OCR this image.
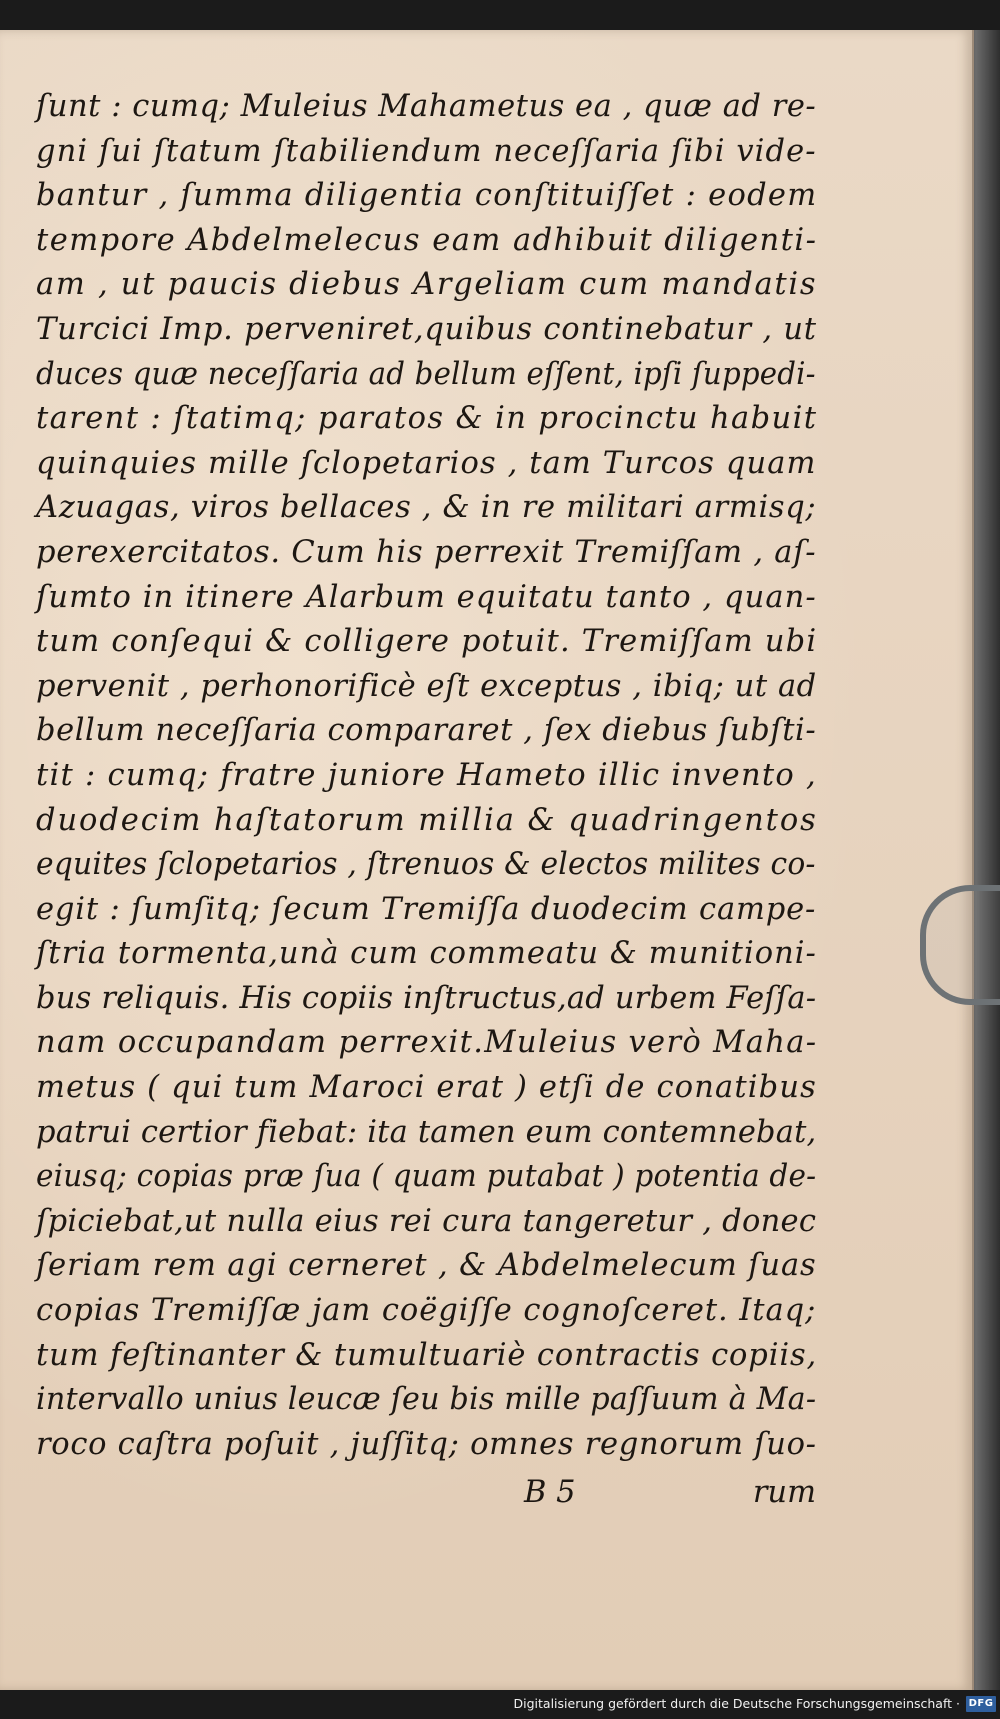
ſunt : cumq; Muleius Mahametus ea , quæ ad re-
gni ſui ſtatum ſtabiliendum neceſſaria ſibi vide-
bantur , ſumma diligentia conſtituiſſet : eodem
tempore Abdelmelecus eam adhibuit diligenti-
am , ut paucis diebus Argeliam cum mandatis
Turcici Imp. perveniret,quibus continebatur , ut
duces quæ neceſſaria ad bellum eſſent, ipſi ſuppedi-
tarent : ſtatimq; paratos & in procinctu habuit
quinquies mille ſclopetarios , tam Turcos quam
Azuagas, viros bellaces , & in re militari armisq;
perexercitatos. Cum his perrexit Tremiſſam , aſ-
ſumto in itinere Alarbum equitatu tanto , quan-
tum conſequi & colligere potuit. Tremiſſam ubi
pervenit , perhonorificè eſt exceptus , ibiq; ut ad
bellum neceſſaria compararet , ſex diebus ſubſti-
tit : cumq; fratre juniore Hameto illic invento ,
duodecim haſtatorum millia & quadringentos
equites ſclopetarios , ſtrenuos & electos milites co-
egit : ſumſitq; ſecum Tremiſſa duodecim campe-
ſtria tormenta,unà cum commeatu & munitioni-
bus reliquis. His copiis inſtructus,ad urbem Feſſa-
nam occupandam perrexit.Muleius verò Maha-
metus ( qui tum Maroci erat ) etſi de conatibus
patrui certior fiebat: ita tamen eum contemnebat,
eiusq; copias præ ſua ( quam putabat ) potentia de-
ſpiciebat,ut nulla eius rei cura tangeretur , donec
ſeriam rem agi cerneret , & Abdelmelecum ſuas
copias Tremiſſæ jam coëgiſſe cognoſceret. Itaq;
tum feſtinanter & tumultuariè contractis copiis,
intervallo unius leucæ ſeu bis mille paſſuum à Ma-
roco caſtra poſuit , juſſitq; omnes regnorum ſuo-
B 5	rum
Digitalisierung gefördert durch die Deutsche Forschungsgemeinschaft · DFG
